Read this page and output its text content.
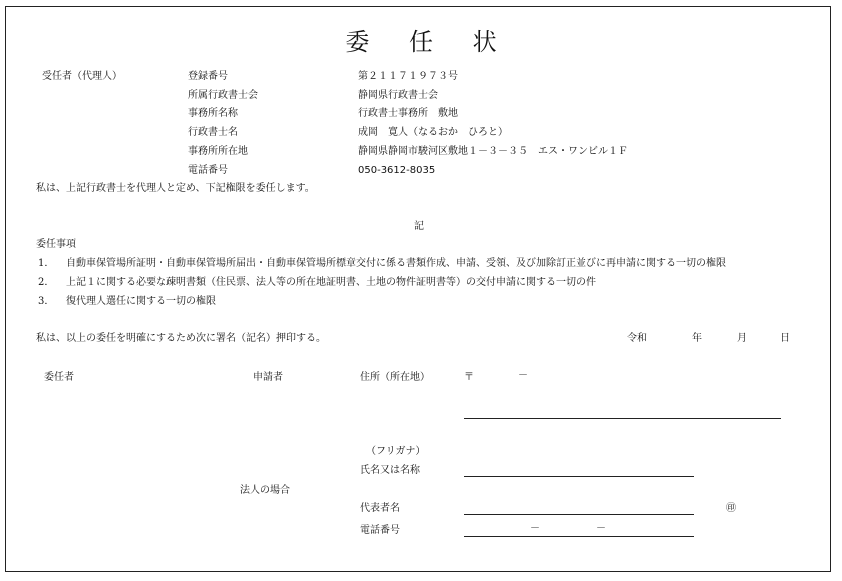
委 任 状
受任者（代理人）	登録番号	第２１１７１９７３号
所属行政書士会	静岡県行政書士会
事務所名称	行政書士事務所　敷地
行政書士名	成岡　寛人（なるおか　ひろと）
事務所所在地	静岡県静岡市駿河区敷地１－３－３５　エス・ワンビル１Ｆ
電話番号	050-3612-8035
私は、上記行政書士を代理人と定め、下記権限を委任します。
記
委任事項
1． 自動車保管場所証明・自動車保管場所届出・自動車保管場所標章交付に係る書類作成、申請、受領、及び加除訂正並びに再申請に関する一切の権限
2． 上記１に関する必要な疎明書類（住民票、法人等の所在地証明書、土地の物件証明書等）の交付申請に関する一切の件
3． 復代理人選任に関する一切の権限
私は、以上の委任を明確にするため次に署名（記名）押印する。	令和	年	月	日
委任者	申請者	住所（所在地）	〒	－
（フリガナ）
氏名又は名称
法人の場合
代表者名	㊞
電話番号	－	－
